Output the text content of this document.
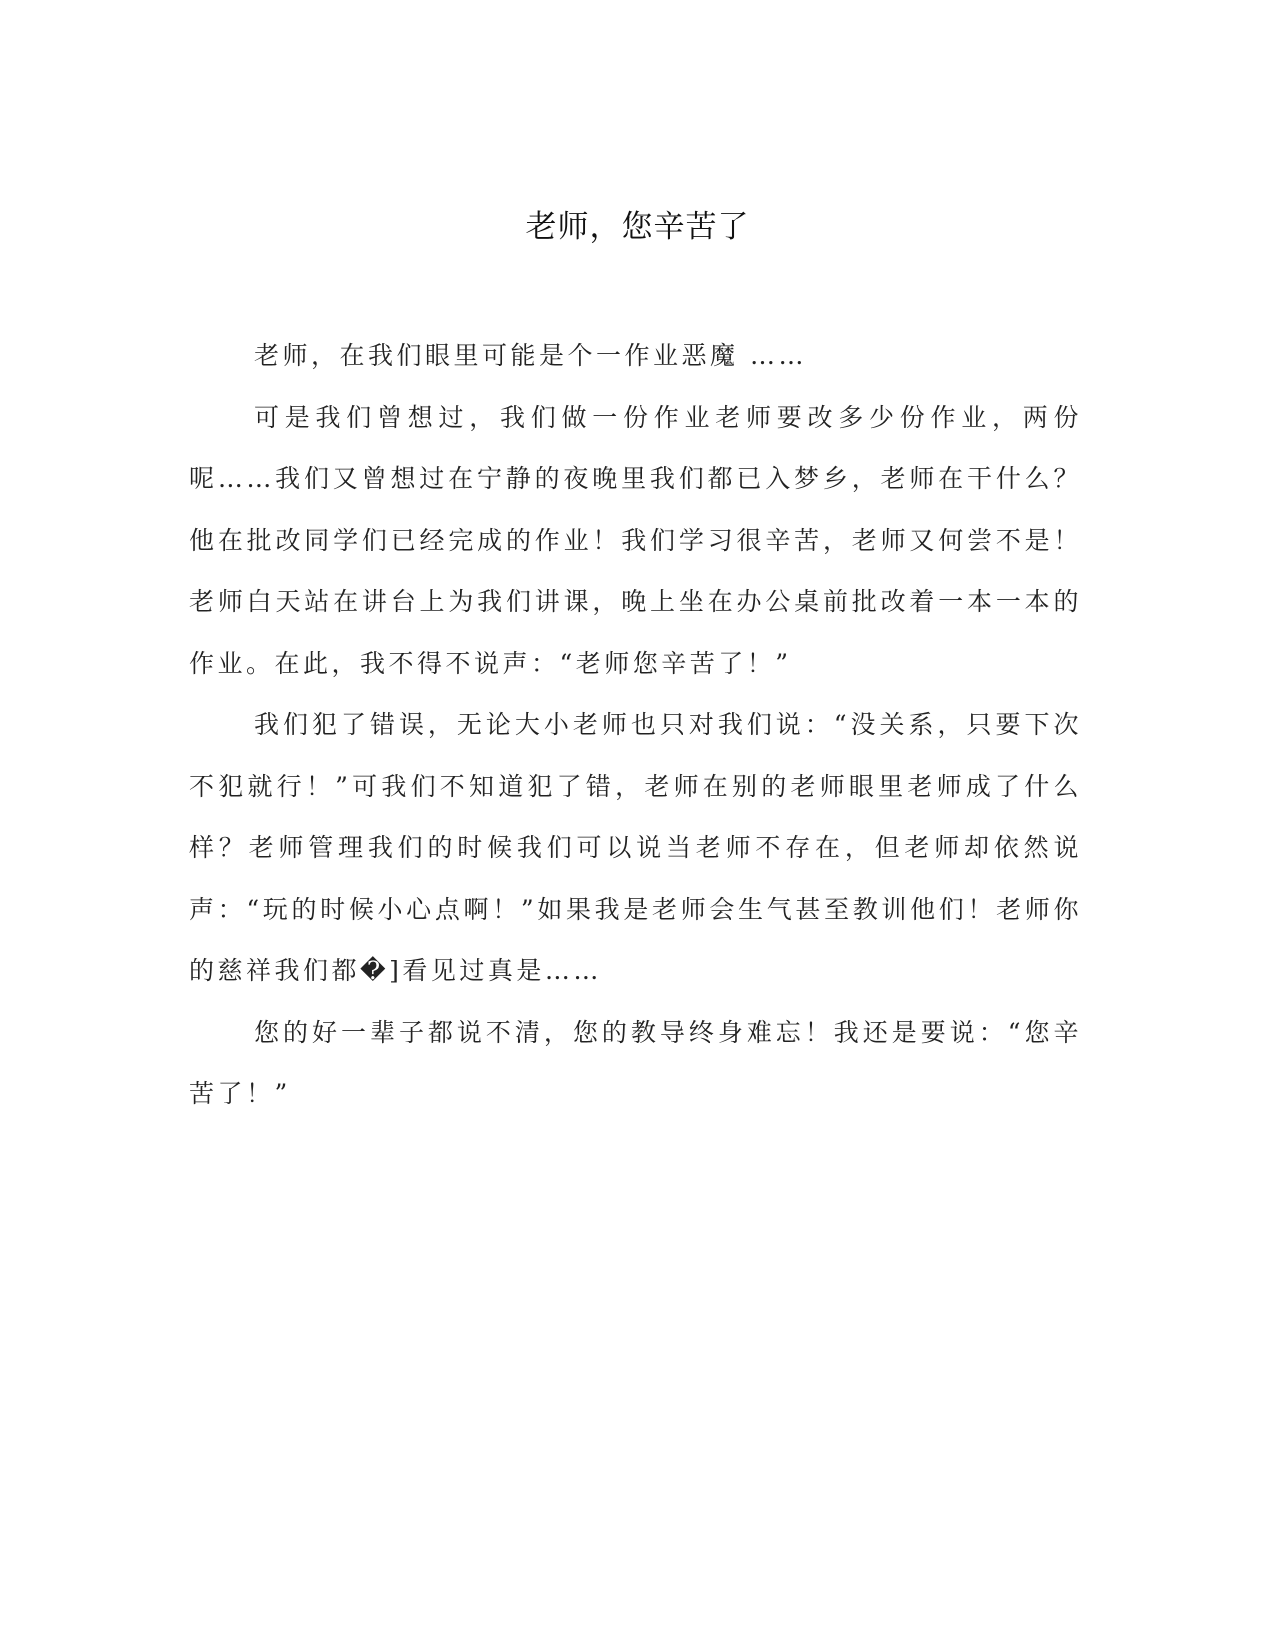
老师，您辛苦了

老师，在我们眼里可能是个一作业恶魔 ……

可是我们曾想过，我们做一份作业老师要改多少份作业，两份呢……我们又曾想过在宁静的夜晚里我们都已入梦乡，老师在干什么？他在批改同学们已经完成的作业！我们学习很辛苦，老师又何尝不是！老师白天站在讲台上为我们讲课，晚上坐在办公桌前批改着一本一本的作业。在此，我不得不说声：“老师您辛苦了！”

我们犯了错误，无论大小老师也只对我们说：“没关系，只要下次不犯就行！”可我们不知道犯了错，老师在别的老师眼里老师成了什么样？老师管理我们的时候我们可以说当老师不存在，但老师却依然说声：“玩的时候小心点啊！”如果我是老师会生气甚至教训他们！老师你的慈祥我们都�]看见过真是……

您的好一辈子都说不清，您的教导终身难忘！我还是要说：“您辛苦了！”
